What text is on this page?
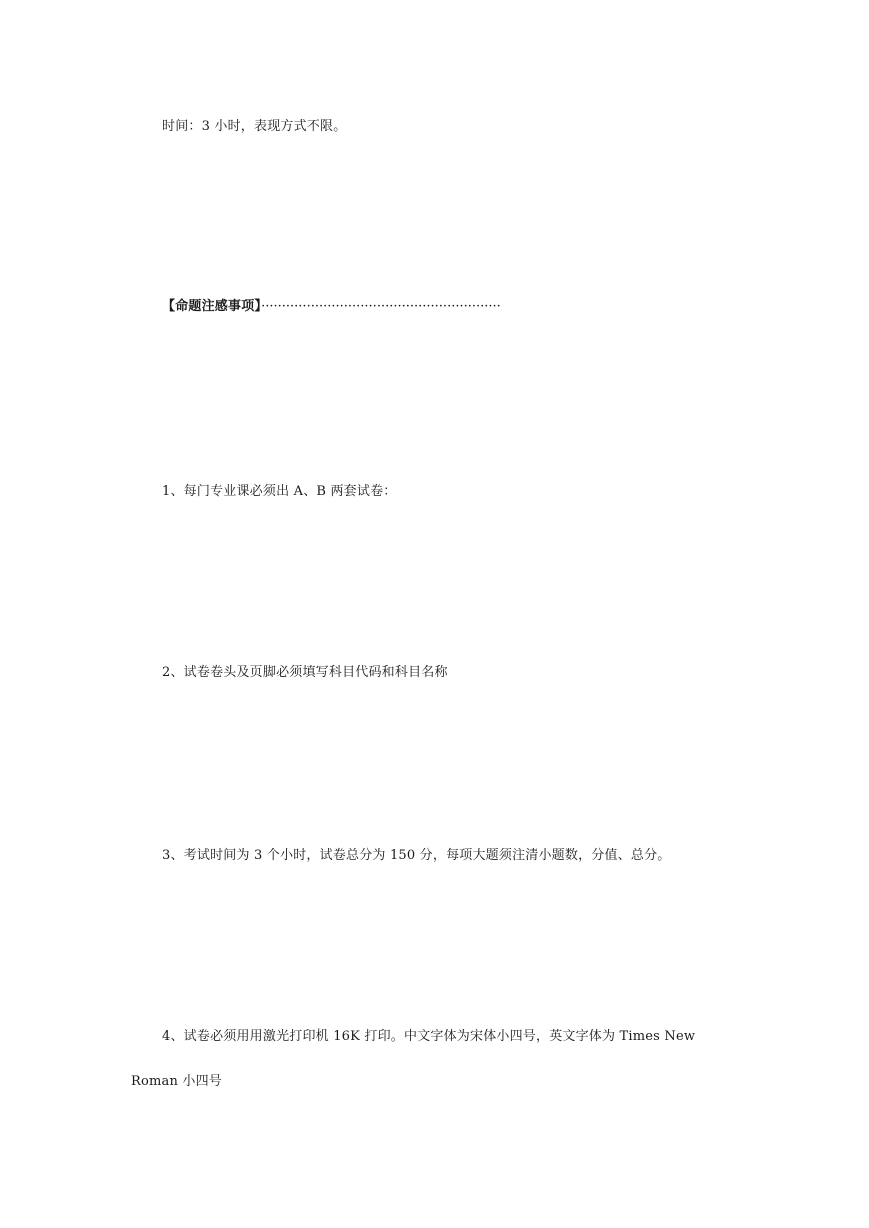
时间：3 小时，表现方式不限。
【命题注感事项】··························································
1、每门专业课必须出 A、B 两套试卷：
2、试卷卷头及页脚必须填写科目代码和科目名称
3、考试时间为 3 个小时，试卷总分为 150 分，每项大题须注清小题数，分值、总分。
4、试卷必须用用激光打印机 16K 打印。中文字体为宋体小四号，英文字体为 Times New
Roman 小四号
